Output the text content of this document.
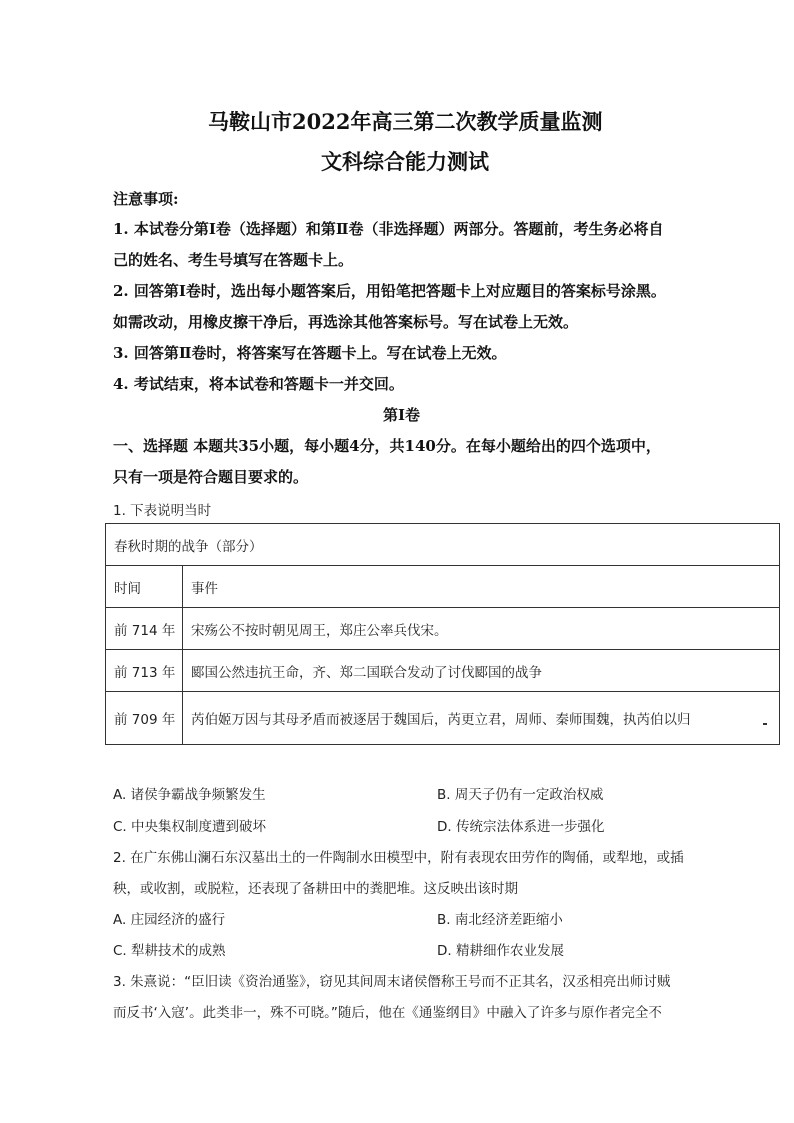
马鞍山市2022年高三第二次教学质量监测
文科综合能力测试
注意事项:
1. 本试卷分第Ⅰ卷（选择题）和第Ⅱ卷（非选择题）两部分。答题前，考生务必将自
己的姓名、考生号填写在答题卡上。
2. 回答第Ⅰ卷时，选出每小题答案后，用铅笔把答题卡上对应题目的答案标号涂黑。
如需改动，用橡皮擦干净后，再选涂其他答案标号。写在试卷上无效。
3. 回答第Ⅱ卷时，将答案写在答题卡上。写在试卷上无效。
4. 考试结束，将本试卷和答题卡一并交回。
第Ⅰ卷
一、选择题 本题共35小题，每小题4分，共140分。在每小题给出的四个选项中，
只有一项是符合题目要求的。
1. 下表说明当时
春秋时期的战争（部分）	
时间	事件
前 714 年	宋殇公不按时朝见周王，郑庄公率兵伐宋。
前 713 年	郾国公然违抗王命，齐、郑二国联合发动了讨伐郾国的战争
前 709 年	芮伯姬万因与其母矛盾而被逐居于魏国后，芮更立君，周师、秦师围魏，执芮伯以归
A. 诸侯争霸战争频繁发生	B. 周天子仍有一定政治权威
C. 中央集权制度遭到破坏	D. 传统宗法体系进一步强化
2. 在广东佛山澜石东汉墓出土的一件陶制水田模型中，附有表现农田劳作的陶俑，或犁地，或插
秧，或收割，或脱粒，还表现了备耕田中的粪肥堆。这反映出该时期
A. 庄园经济的盛行	B. 南北经济差距缩小
C. 犁耕技术的成熟	D. 精耕细作农业发展
3. 朱熹说：“臣旧读《资治通鉴》，窃见其间周末诸侯僭称王号而不正其名，汉丞相亮出师讨贼
而反书‘入寇’。此类非一，殊不可晓。”随后，他在《通鉴纲目》中融入了许多与原作者完全不
